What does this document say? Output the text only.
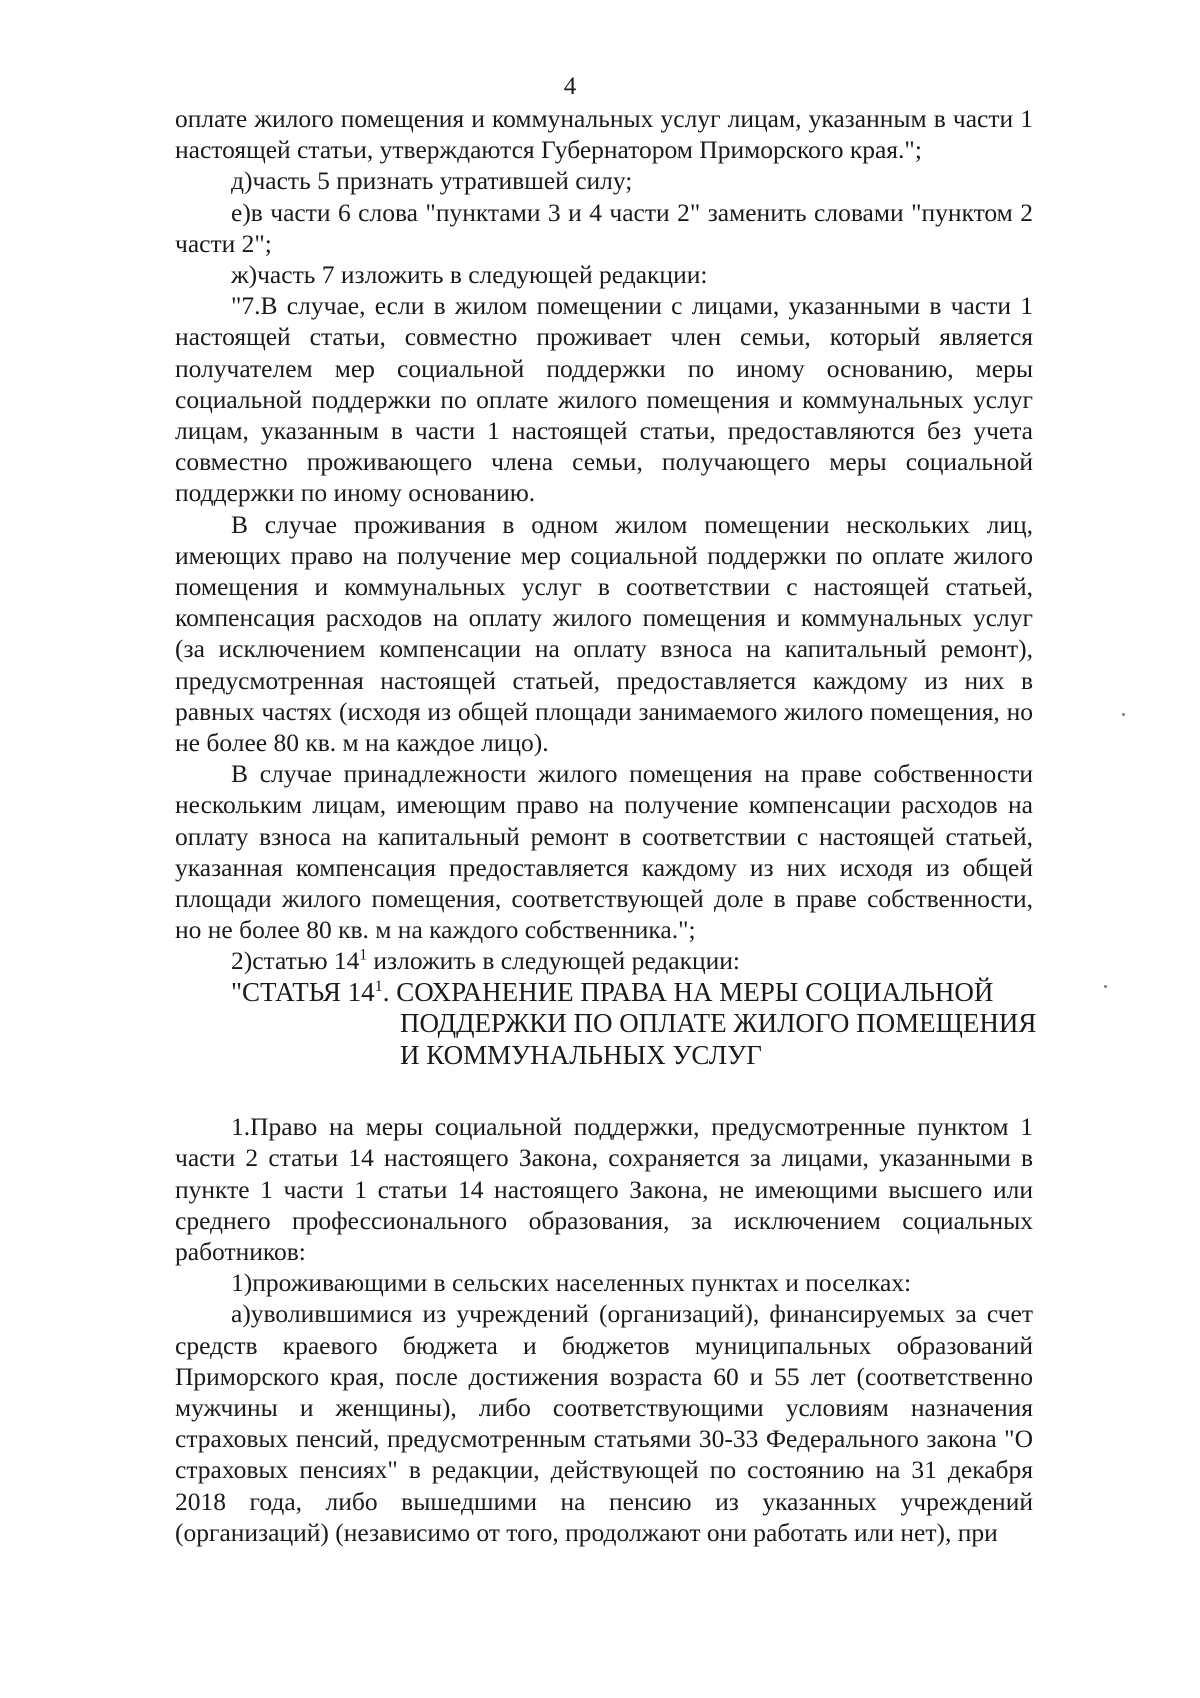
4

оплате жилого помещения и коммунальных услуг лицам, указанным в части 1 настоящей статьи, утверждаются Губернатором Приморского края.";

д)часть 5 признать утратившей силу;

е)в части 6 слова "пунктами 3 и 4 части 2" заменить словами "пунктом 2 части 2";

ж)часть 7 изложить в следующей редакции:

"7.В случае, если в жилом помещении с лицами, указанными в части 1 настоящей статьи, совместно проживает член семьи, который является получателем мер социальной поддержки по иному основанию, меры социальной поддержки по оплате жилого помещения и коммунальных услуг лицам, указанным в части 1 настоящей статьи, предоставляются без учета совместно проживающего члена семьи, получающего меры социальной поддержки по иному основанию.

В случае проживания в одном жилом помещении нескольких лиц, имеющих право на получение мер социальной поддержки по оплате жилого помещения и коммунальных услуг в соответствии с настоящей статьей, компенсация расходов на оплату жилого помещения и коммунальных услуг (за исключением компенсации на оплату взноса на капитальный ремонт), предусмотренная настоящей статьей, предоставляется каждому из них в равных частях (исходя из общей площади занимаемого жилого помещения, но не более 80 кв. м на каждое лицо).

В случае принадлежности жилого помещения на праве собственности нескольким лицам, имеющим право на получение компенсации расходов на оплату взноса на капитальный ремонт в соответствии с настоящей статьей, указанная компенсация предоставляется каждому из них исходя из общей площади жилого помещения, соответствующей доле в праве собственности, но не более 80 кв. м на каждого собственника.";

2)статью $14^1$ изложить в следующей редакции:

"СТАТЬЯ $14^1$. СОХРАНЕНИЕ ПРАВА НА МЕРЫ СОЦИАЛЬНОЙ
ПОДДЕРЖКИ ПО ОПЛАТЕ ЖИЛОГО ПОМЕЩЕНИЯ
И КОММУНАЛЬНЫХ УСЛУГ

1.Право на меры социальной поддержки, предусмотренные пунктом 1 части 2 статьи 14 настоящего Закона, сохраняется за лицами, указанными в пункте 1 части 1 статьи 14 настоящего Закона, не имеющими высшего или среднего профессионального образования, за исключением социальных работников:

1)проживающими в сельских населенных пунктах и поселках:

а)уволившимися из учреждений (организаций), финансируемых за счет средств краевого бюджета и бюджетов муниципальных образований Приморского края, после достижения возраста 60 и 55 лет (соответственно мужчины и женщины), либо соответствующими условиям назначения страховых пенсий, предусмотренным статьями 30-33 Федерального закона "О страховых пенсиях" в редакции, действующей по состоянию на 31 декабря 2018 года, либо вышедшими на пенсию из указанных учреждений (организаций) (независимо от того, продолжают они работать или нет), при
